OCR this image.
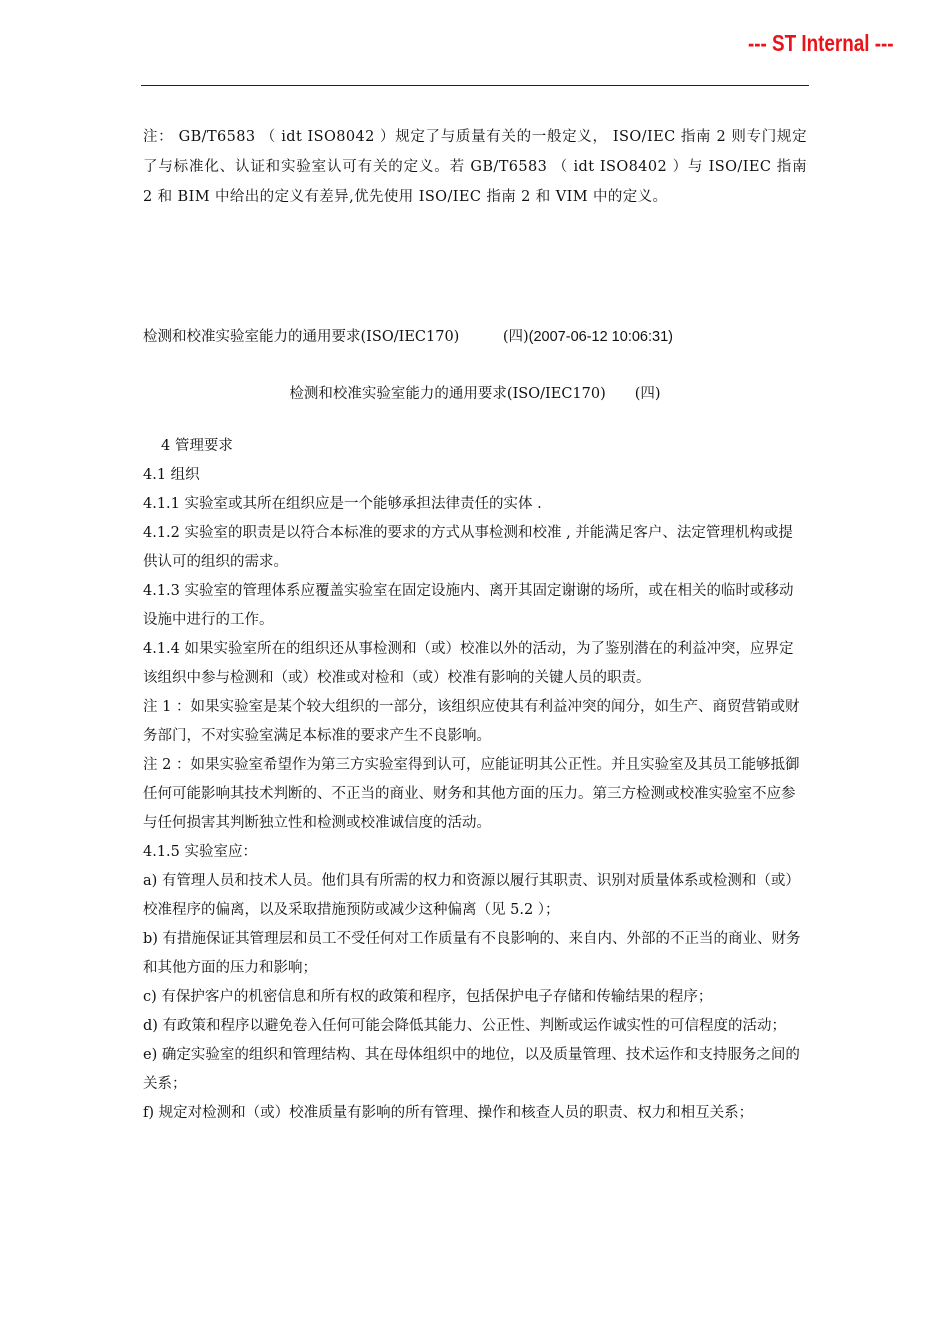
--- ST Internal ---
注： GB/T6583 （ idt ISO8042 ）规定了与质量有关的一般定义， ISO/IEC 指南 2 则专门规定了与标准化、认证和实验室认可有关的定义。若 GB/T6583 （ idt ISO8402 ）与 ISO/IEC 指南 2 和 BIM 中给出的定义有差异,优先使用 ISO/IEC 指南 2 和 VIM 中的定义。
检测和校准实验室能力的通用要求(ISO/IEC170)　　　(四)(2007-06-12 10:06:31)
检测和校准实验室能力的通用要求(ISO/IEC170)　　(四)
4 管理要求
4.1 组织
4.1.1 实验室或其所在组织应是一个能够承担法律责任的实体 .
4.1.2 实验室的职责是以符合本标准的要求的方式从事检测和校准 , 并能满足客户、法定管理机构或提供认可的组织的需求。
4.1.3 实验室的管理体系应覆盖实验室在固定设施内、离开其固定谢谢的场所，或在相关的临时或移动设施中进行的工作。
4.1.4 如果实验室所在的组织还从事检测和（或）校准以外的活动，为了鉴别潜在的利益冲突，应界定该组织中参与检测和（或）校准或对检和（或）校准有影响的关键人员的职责。
注 1 ：如果实验室是某个较大组织的一部分，该组织应使其有利益冲突的闻分，如生产、商贸营销或财务部门，不对实验室满足本标准的要求产生不良影响。
注 2 ：如果实验室希望作为第三方实验室得到认可，应能证明其公正性。并且实验室及其员工能够抵御任何可能影响其技术判断的、不正当的商业、财务和其他方面的压力。第三方检测或校准实验室不应参与任何损害其判断独立性和检测或校准诚信度的活动。
4.1.5 实验室应：
a) 有管理人员和技术人员。他们具有所需的权力和资源以履行其职责、识别对质量体系或检测和（或）校准程序的偏离，以及采取措施预防或减少这种偏离（见 5.2 ）；
b) 有措施保证其管理层和员工不受任何对工作质量有不良影响的、来自内、外部的不正当的商业、财务和其他方面的压力和影响；
c) 有保护客户的机密信息和所有权的政策和程序，包括保护电子存储和传输结果的程序；
d) 有政策和程序以避免卷入任何可能会降低其能力、公正性、判断或运作诚实性的可信程度的活动；
e) 确定实验室的组织和管理结构、其在母体组织中的地位，以及质量管理、技术运作和支持服务之间的关系；
f) 规定对检测和（或）校准质量有影响的所有管理、操作和核查人员的职责、权力和相互关系；
